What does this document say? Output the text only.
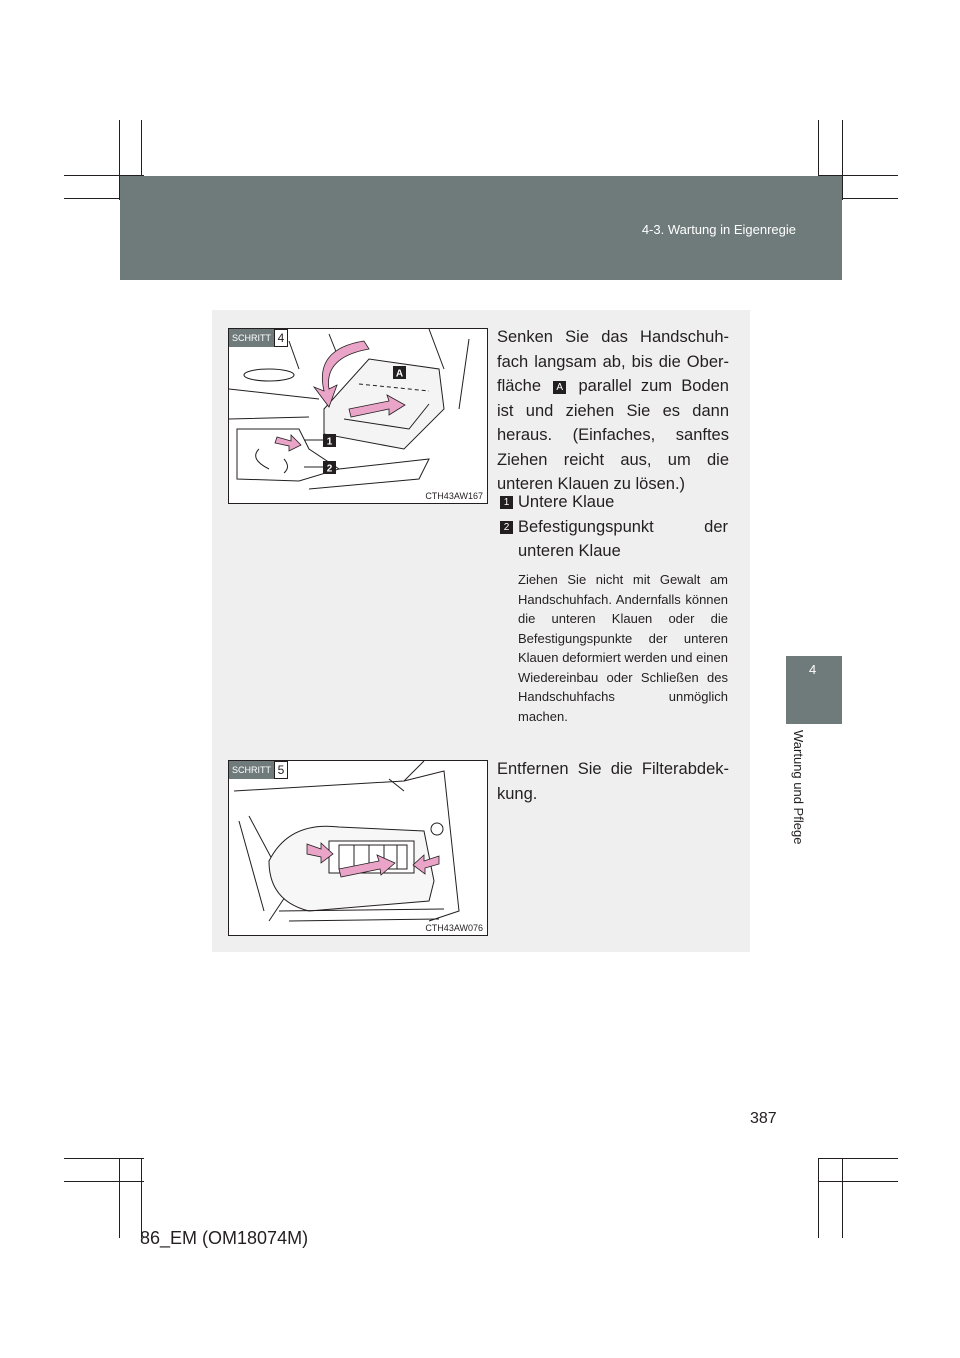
4-3. Wartung in Eigenregie
4
Wartung und Pflege
SCHRITT 4
A
1
2
CTH43AW167
Senken Sie das Handschuhfach langsam ab, bis die Oberfläche A parallel zum Boden ist und ziehen Sie es dann heraus. (Einfaches, sanftes Ziehen reicht aus, um die unteren Klauen zu lösen.)
1 Untere Klaue
2 Befestigungspunkt der
unteren Klaue
Ziehen Sie nicht mit Gewalt am Handschuhfach. Andernfalls können die unteren Klauen oder die Befestigungspunkte der unteren Klauen deformiert werden und einen Wiedereinbau oder Schließen des Handschuhfachs unmöglich machen.
SCHRITT 5
CTH43AW076
Entfernen Sie die Filterabdekkung.
387
86_EM (OM18074M)
